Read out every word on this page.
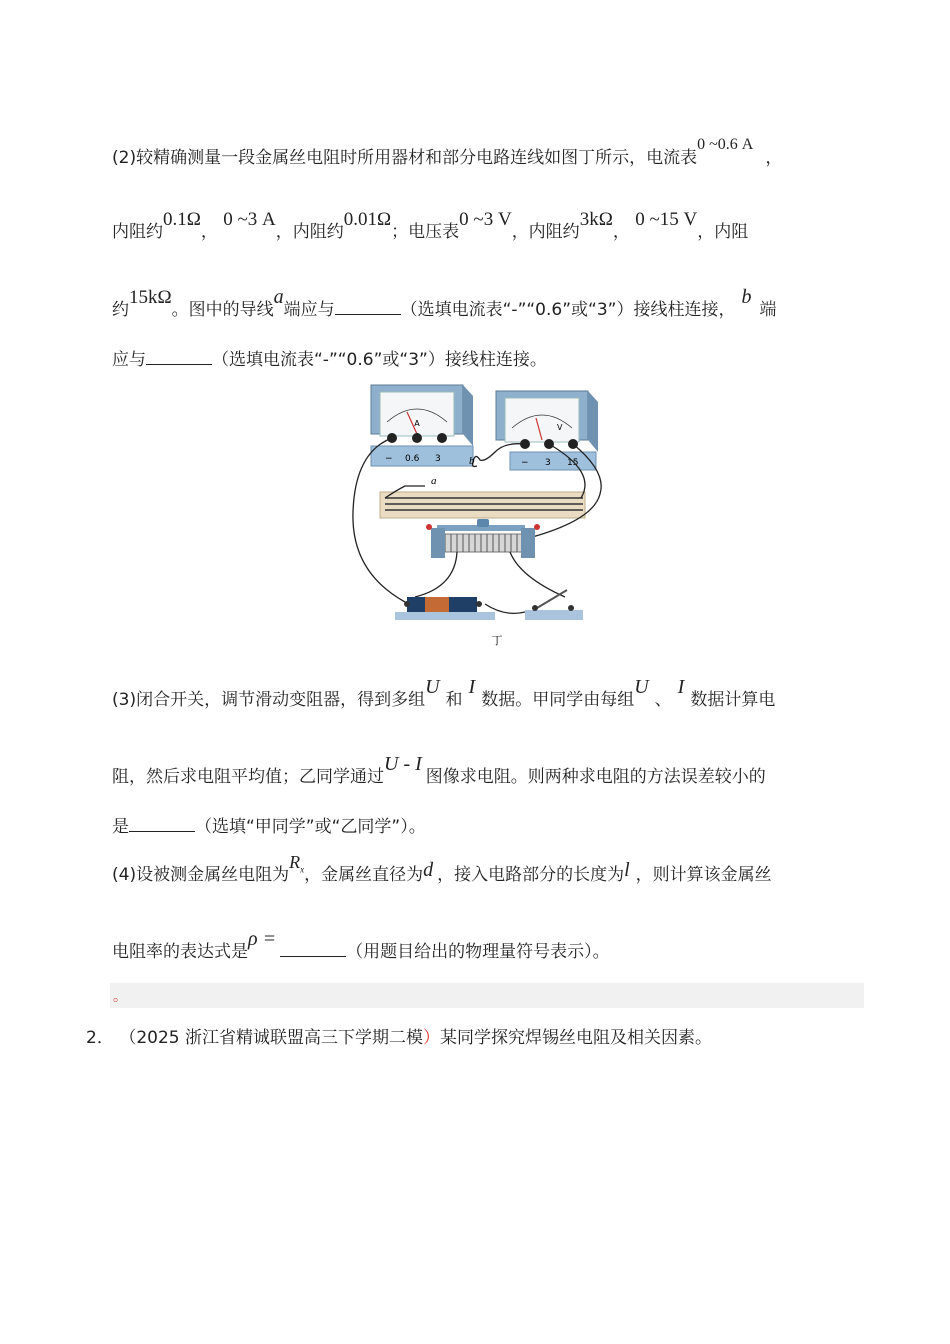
(2)较精确测量一段金属丝电阻时所用器材和部分电路连线如图丁所示，电流表0 ~0.6 A，
内阻约0.1Ω， 0 ~3 A，内阻约0.01Ω；电压表0 ~3 V，内阻约3kΩ， 0 ~15 V，内阻
约15kΩ。图中的导线a端应与	（选填电流表“-”“0.6”或“3”）接线柱连接，b端
应与	（选填电流表“-”“0.6”或“3”）接线柱连接。
A
− 0.6 3
V
− 3 15
b
a
丁
(3)闭合开关，调节滑动变阻器，得到多组U和I数据。甲同学由每组U、I数据计算电
阻，然后求电阻平均值；乙同学通过U - I图像求电阻。则两种求电阻的方法误差较小的
是	（选填“甲同学”或“乙同学”）。
(4)设被测金属丝电阻为$R_x$，金属丝直径为d ，接入电路部分的长度为l ，则计算该金属丝
电阻率的表达式是ρ =（用题目给出的物理量符号表示）。
。
2． （2025 浙江省精诚联盟高三下学期二模）某同学探究焊锡丝电阻及相关因素。
